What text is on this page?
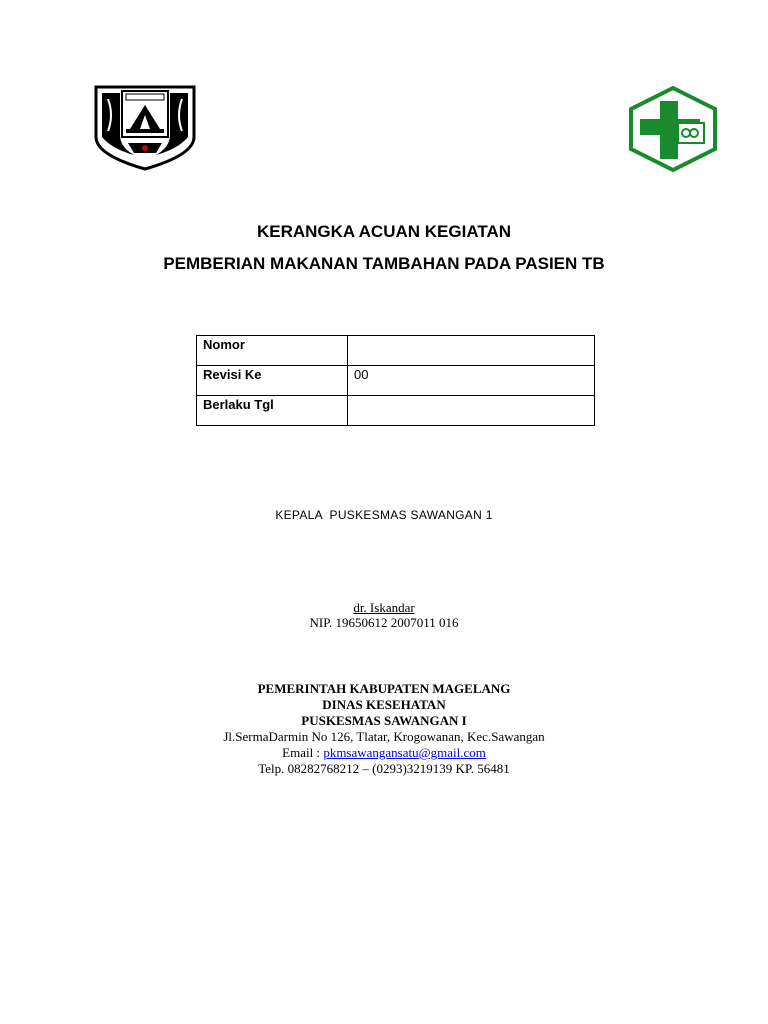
KERANGKA ACUAN KEGIATAN
PEMBERIAN MAKANAN TAMBAHAN PADA PASIEN TB
Nomor	
Revisi Ke	00
Berlaku Tgl	
KEPALA  PUSKESMAS SAWANGAN 1
dr. Iskandar
NIP. 19650612 2007011 016
PEMERINTAH KABUPATEN MAGELANG
DINAS KESEHATAN
PUSKESMAS SAWANGAN I
Jl.SermaDarmin No 126, Tlatar, Krogowanan, Kec.Sawangan
Email : pkmsawangansatu@gmail.com
Telp. 08282768212 – (0293)3219139 KP. 56481
